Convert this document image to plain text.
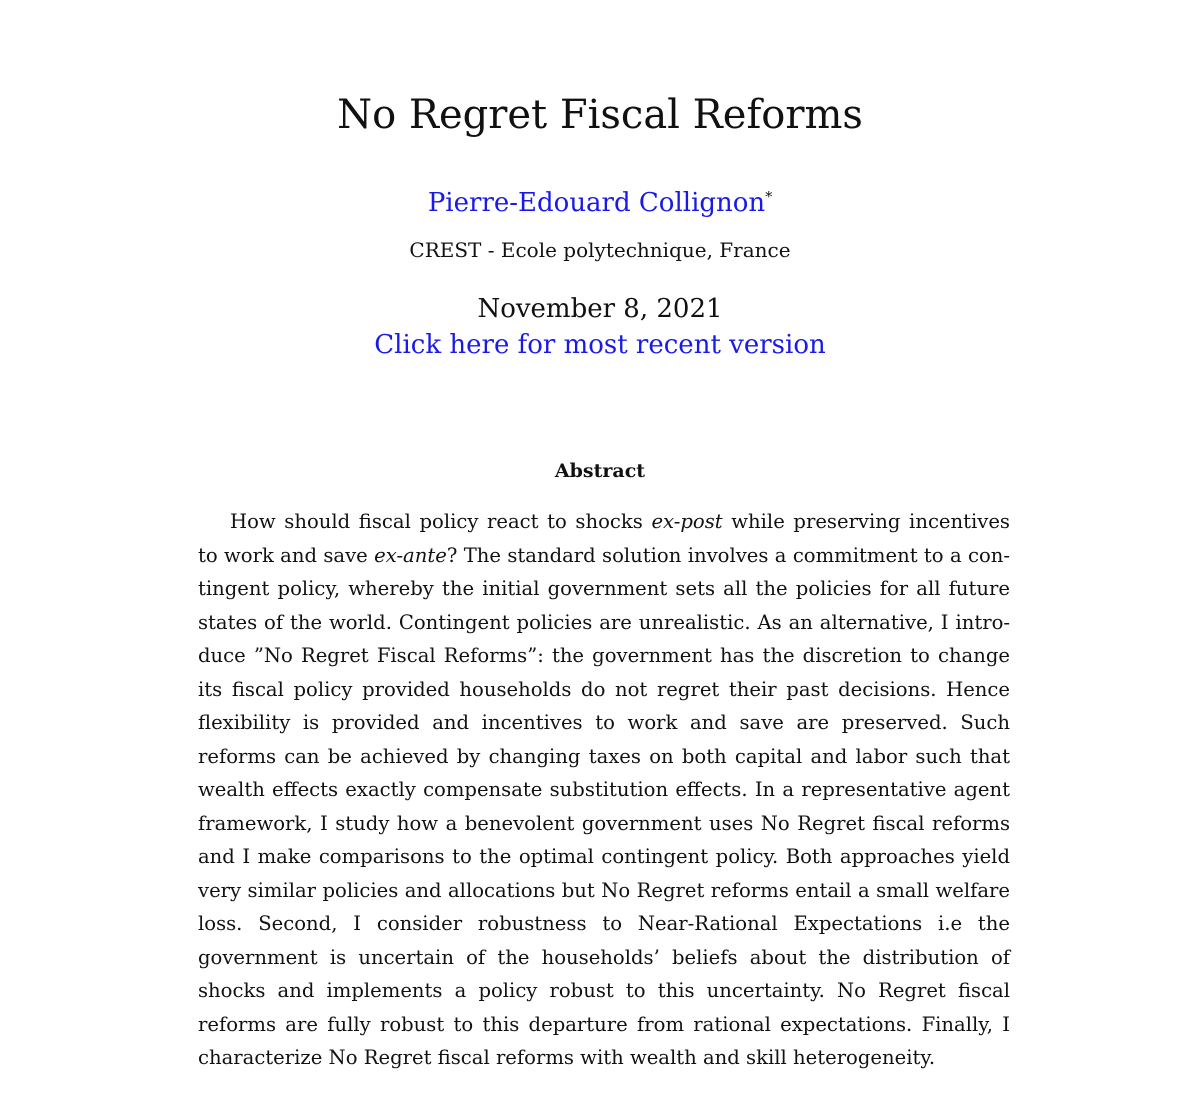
No Regret Fiscal Reforms
Pierre-Edouard Collignon*
CREST - Ecole polytechnique, France
November 8, 2021
Click here for most recent version
Abstract

How should fiscal policy react to shocks ex-post while preserving incentives to work and save ex-ante? The standard solution involves a commitment to a contingent policy, whereby the initial government sets all the policies for all future states of the world. Contingent policies are unrealistic. As an alternative, I introduce ”No Regret Fiscal Reforms”: the government has the discretion to change its fiscal policy provided households do not regret their past decisions. Hence flexibility is provided and incentives to work and save are preserved. Such reforms can be achieved by changing taxes on both capital and labor such that wealth effects exactly compensate substitution effects. In a representative agent framework, I study how a benevolent government uses No Regret fiscal reforms and I make comparisons to the optimal contingent policy. Both approaches yield very similar policies and allocations but No Regret reforms entail a small welfare loss. Second, I consider robustness to Near-Rational Expectations i.e the government is uncertain of the households’ beliefs about the distribution of shocks and implements a policy robust to this uncertainty. No Regret fiscal reforms are fully robust to this departure from rational expectations. Finally, I characterize No Regret fiscal reforms with wealth and skill heterogeneity.
